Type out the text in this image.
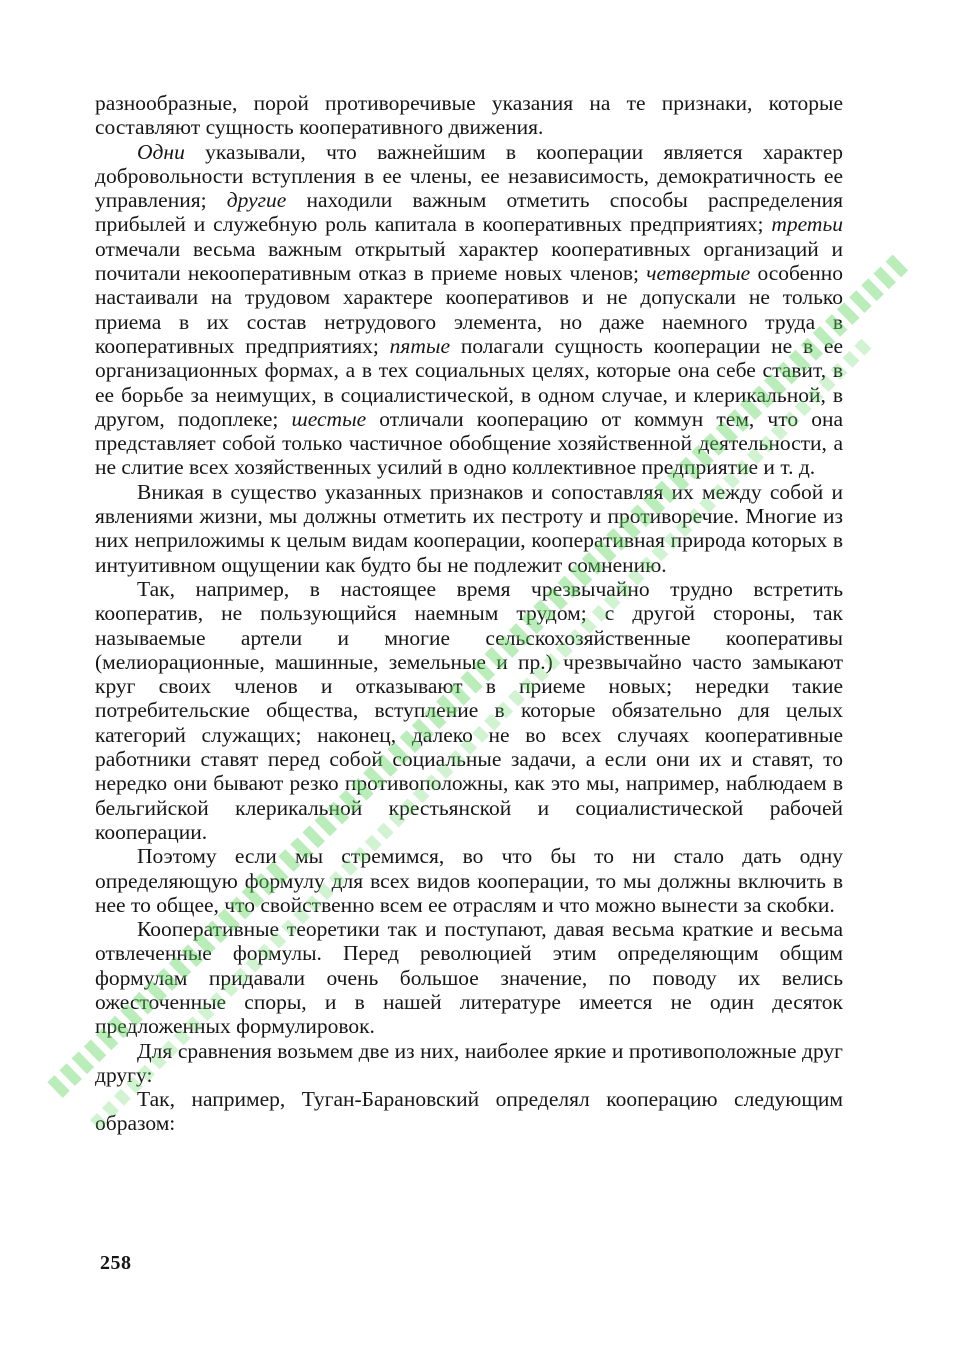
разнообразные, порой противоречивые указания на те признаки, которые составляют сущность кооперативного движения.

Одни указывали, что важнейшим в кооперации является характер добровольности вступления в ее члены, ее независимость, демократичность ее управления; другие находили важным отметить способы распределения прибылей и служебную роль капитала в кооперативных предприятиях; третьи отмечали весьма важным открытый характер кооперативных организаций и почитали некооперативным отказ в приеме новых членов; четвертые особенно настаивали на трудовом характере кооперативов и не допускали не только приема в их состав нетрудового элемента, но даже наемного труда в кооперативных предприятиях; пятые полагали сущность кооперации не в ее организационных формах, а в тех социальных целях, которые она себе ставит, в ее борьбе за неимущих, в социалистической, в одном случае, и клерикальной, в другом, подоплеке; шестые отличали кооперацию от коммун тем, что она представляет собой только частичное обобщение хозяйственной деятельности, а не слитие всех хозяйственных усилий в одно коллективное предприятие и т. д.

Вникая в существо указанных признаков и сопоставляя их между собой и явлениями жизни, мы должны отметить их пестроту и противоречие. Многие из них неприложимы к целым видам кооперации, кооперативная природа которых в интуитивном ощущении как будто бы не подлежит сомнению.

Так, например, в настоящее время чрезвычайно трудно встретить кооператив, не пользующийся наемным трудом; с другой стороны, так называемые артели и многие сельскохозяйственные кооперативы (мелиорационные, машинные, земельные и пр.) чрезвычайно часто замыкают круг своих членов и отказывают в приеме новых; нередки такие потребительские общества, вступление в которые обязательно для целых категорий служащих; наконец, далеко не во всех случаях кооперативные работники ставят перед собой социальные задачи, а если они их и ставят, то нередко они бывают резко противоположны, как это мы, например, наблюдаем в бельгийской клерикальной крестьянской и социалистической рабочей кооперации.

Поэтому если мы стремимся, во что бы то ни стало дать одну определяющую формулу для всех видов кооперации, то мы должны включить в нее то общее, что свойственно всем ее отраслям и что можно вынести за скобки.

Кооперативные теоретики так и поступают, давая весьма краткие и весьма отвлеченные формулы. Перед революцией этим определяющим общим формулам придавали очень большое значение, по поводу их велись ожесточенные споры, и в нашей литературе имеется не один десяток предложенных формулировок.

Для сравнения возьмем две из них, наиболее яркие и противоположные друг другу:

Так, например, Туган-Барановский определял кооперацию следующим образом:

258
